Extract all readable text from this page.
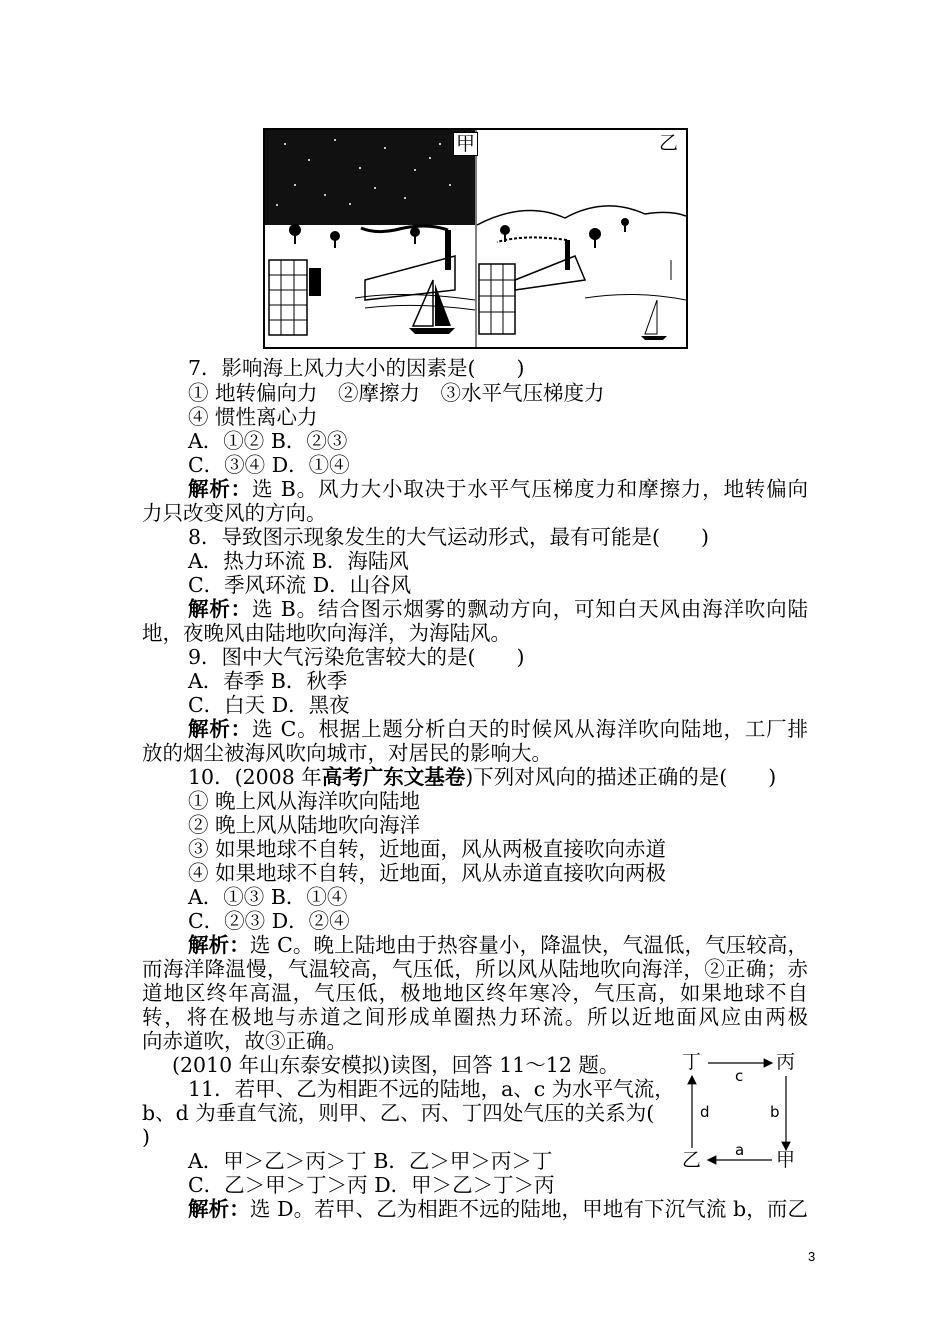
甲	乙
7．影响海上风力大小的因素是(　　)
① 地转偏向力　②摩擦力　③水平气压梯度力
④ 惯性离心力
A．①② B．②③
C．③④ D．①④
解析：选 B。风力大小取决于水平气压梯度力和摩擦力，地转偏向
力只改变风的方向。
8．导致图示现象发生的大气运动形式，最有可能是(　　)
A．热力环流 B．海陆风
C．季风环流 D．山谷风
解析：选 B。结合图示烟雾的飘动方向，可知白天风由海洋吹向陆
地，夜晚风由陆地吹向海洋，为海陆风。
9．图中大气污染危害较大的是(　　)
A．春季 B．秋季
C．白天 D．黑夜
解析：选 C。根据上题分析白天的时候风从海洋吹向陆地，工厂排
放的烟尘被海风吹向城市，对居民的影响大。
10．(2008 年高考广东文基卷)下列对风向的描述正确的是(　　)
① 晚上风从海洋吹向陆地
② 晚上风从陆地吹向海洋
③ 如果地球不自转，近地面，风从两极直接吹向赤道
④ 如果地球不自转，近地面，风从赤道直接吹向两极
A．①③ B．①④
C．②③ D．②④
解析：选 C。晚上陆地由于热容量小，降温快，气温低，气压较高，
而海洋降温慢，气温较高，气压低，所以风从陆地吹向海洋，②正确；赤
道地区终年高温，气压低，极地地区终年寒冷，气压高，如果地球不自
转，将在极地与赤道之间形成单圈热力环流。所以近地面风应由两极
向赤道吹，故③正确。
(2010 年山东泰安模拟)读图，回答 11～12 题。
11．若甲、乙为相距不远的陆地，a、c 为水平气流，
b、d 为垂直气流，则甲、乙、丙、丁四处气压的关系为(
)
A．甲＞乙＞丙＞丁 B．乙＞甲＞丙＞丁
C．乙＞甲＞丁＞丙 D．甲＞乙＞丁＞丙
解析：选 D。若甲、乙为相距不远的陆地，甲地有下沉气流 b，而乙
丁	丙
乙	甲
c
a
d	b
3
